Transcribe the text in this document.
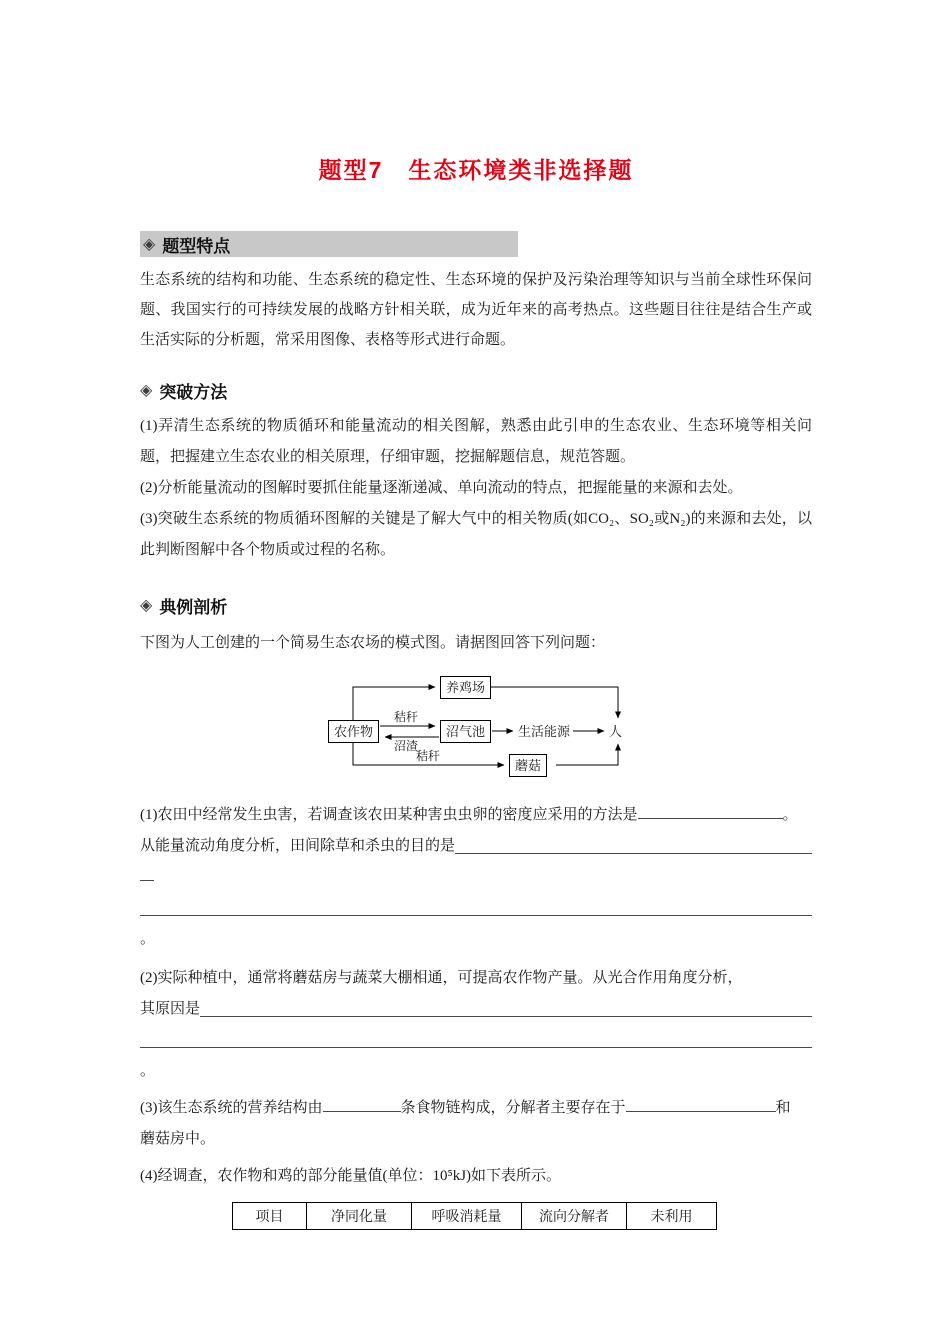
题型7　生态环境类非选择题
◈ 题型特点

生态系统的结构和功能、生态系统的稳定性、生态环境的保护及污染治理等知识与当前全球性环保问题、我国实行的可持续发展的战略方针相关联，成为近年来的高考热点。这些题目往往是结合生产或生活实际的分析题，常采用图像、表格等形式进行命题。

◈ 突破方法

(1)弄清生态系统的物质循环和能量流动的相关图解，熟悉由此引申的生态农业、生态环境等相关问题，把握建立生态农业的相关原理，仔细审题，挖掘解题信息，规范答题。

(2)分析能量流动的图解时要抓住能量逐渐递减、单向流动的特点，把握能量的来源和去处。

(3)突破生态系统的物质循环图解的关键是了解大气中的相关物质(如CO₂、SO₂或N₂)的来源和去处，以此判断图解中各个物质或过程的名称。

◈ 典例剖析

下图为人工创建的一个简易生态农场的模式图。请据图回答下列问题：

养鸡场
农作物	沼气池	生活能源	人
蘑菇
秸秆
沼渣
秸秆
(1)农田中经常发生虫害，若调查该农田某种害虫虫卵的密度应采用的方法是	。
从能量流动角度分析，田间除草和杀虫的目的是
。
(2)实际种植中，通常将蘑菇房与蔬菜大棚相通，可提高农作物产量。从光合作用角度分析，
其原因是
。
(3)该生态系统的营养结构由	条食物链构成，分解者主要存在于	和
蘑菇房中。
(4)经调查，农作物和鸡的部分能量值(单位：10⁵kJ)如下表所示。
项目	净同化量	呼吸消耗量	流向分解者	未利用
